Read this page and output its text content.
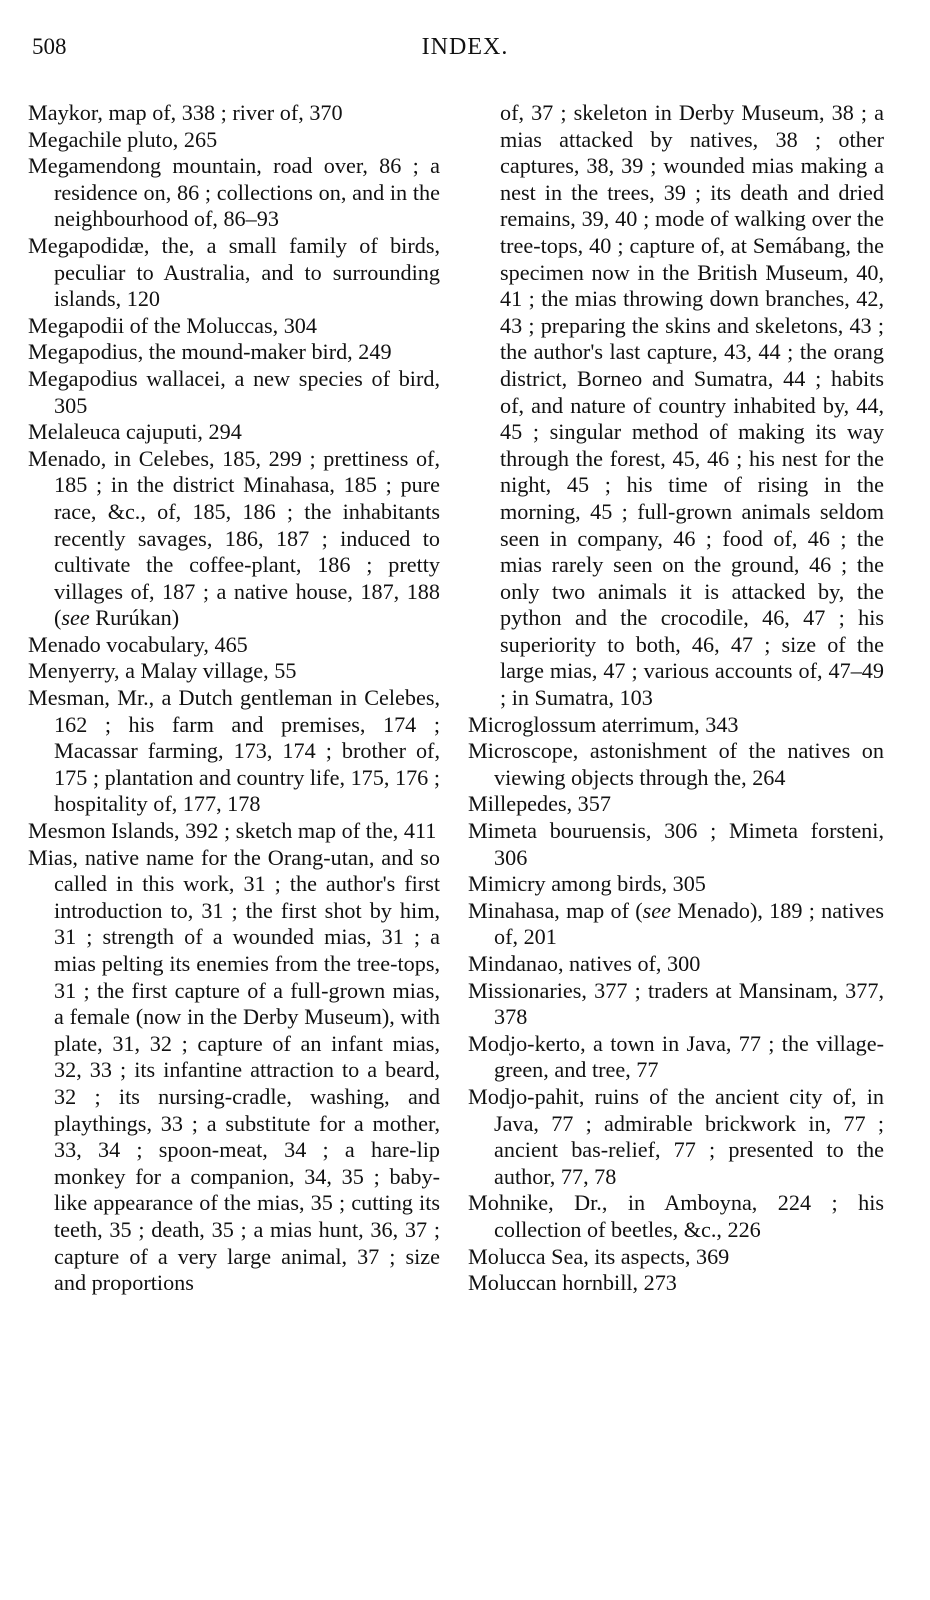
508	INDEX.

Maykor, map of, 338 ; river of, 370

Megachile pluto, 265

Megamendong mountain, road over, 86 ; a residence on, 86 ; collections on, and in the neighbourhood of, 86–93

Megapodidæ, the, a small family of birds, peculiar to Australia, and to surrounding islands, 120

Megapodii of the Moluccas, 304

Megapodius, the mound-maker bird, 249

Megapodius wallacei, a new species of bird, 305

Melaleuca cajuputi, 294

Menado, in Celebes, 185, 299 ; prettiness of, 185 ; in the district Minahasa, 185 ; pure race, &c., of, 185, 186 ; the inhabitants recently savages, 186, 187 ; induced to cultivate the coffee-plant, 186 ; pretty villages of, 187 ; a native house, 187, 188 (see Rurúkan)

Menado vocabulary, 465

Menyerry, a Malay village, 55

Mesman, Mr., a Dutch gentleman in Celebes, 162 ; his farm and premises, 174 ; Macassar farming, 173, 174 ; brother of, 175 ; plantation and country life, 175, 176 ; hospitality of, 177, 178

Mesmon Islands, 392 ; sketch map of the, 411

Mias, native name for the Orang-utan, and so called in this work, 31 ; the author's first introduction to, 31 ; the first shot by him, 31 ; strength of a wounded mias, 31 ; a mias pelting its enemies from the tree-tops, 31 ; the first capture of a full-grown mias, a female (now in the Derby Museum), with plate, 31, 32 ; capture of an infant mias, 32, 33 ; its infantine attraction to a beard, 32 ; its nursing-cradle, washing, and playthings, 33 ; a substitute for a mother, 33, 34 ; spoon-meat, 34 ; a hare-lip monkey for a companion, 34, 35 ; baby-like appearance of the mias, 35 ; cutting its teeth, 35 ; death, 35 ; a mias hunt, 36, 37 ; capture of a very large animal, 37 ; size and proportions

of, 37 ; skeleton in Derby Museum, 38 ; a mias attacked by natives, 38 ; other captures, 38, 39 ; wounded mias making a nest in the trees, 39 ; its death and dried remains, 39, 40 ; mode of walking over the tree-tops, 40 ; capture of, at Semábang, the specimen now in the British Museum, 40, 41 ; the mias throwing down branches, 42, 43 ; preparing the skins and skeletons, 43 ; the author's last capture, 43, 44 ; the orang district, Borneo and Sumatra, 44 ; habits of, and nature of country inhabited by, 44, 45 ; singular method of making its way through the forest, 45, 46 ; his nest for the night, 45 ; his time of rising in the morning, 45 ; full-grown animals seldom seen in company, 46 ; food of, 46 ; the mias rarely seen on the ground, 46 ; the only two animals it is attacked by, the python and the crocodile, 46, 47 ; his superiority to both, 46, 47 ; size of the large mias, 47 ; various accounts of, 47–49 ; in Sumatra, 103

Microglossum aterrimum, 343

Microscope, astonishment of the natives on viewing objects through the, 264

Millepedes, 357

Mimeta bouruensis, 306 ; Mimeta forsteni, 306

Mimicry among birds, 305

Minahasa, map of (see Menado), 189 ; natives of, 201

Mindanao, natives of, 300

Missionaries, 377 ; traders at Mansinam, 377, 378

Modjo-kerto, a town in Java, 77 ; the village-green, and tree, 77

Modjo-pahit, ruins of the ancient city of, in Java, 77 ; admirable brickwork in, 77 ; ancient bas-relief, 77 ; presented to the author, 77, 78

Mohnike, Dr., in Amboyna, 224 ; his collection of beetles, &c., 226

Molucca Sea, its aspects, 369

Moluccan hornbill, 273
